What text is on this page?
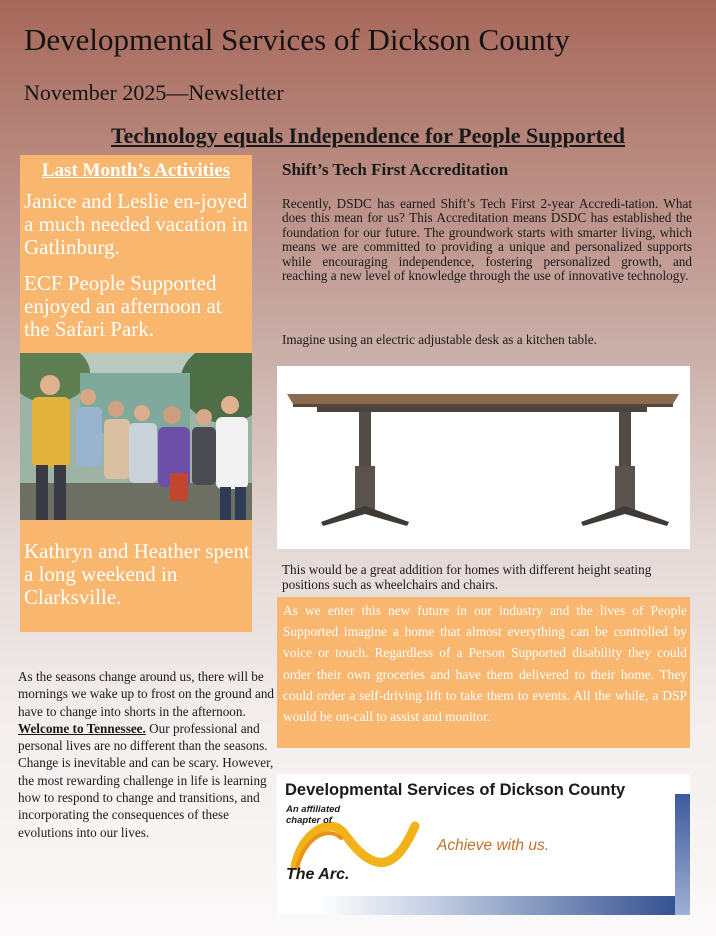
Developmental Services of Dickson County
November 2025—Newsletter
Technology equals Independence for People Supported
Last Month’s Activities
Janice and Leslie en-joyed a much needed vacation in Gatlinburg.
ECF People Supported enjoyed an afternoon at the Safari Park.
Kathryn and Heather spent a long weekend in Clarksville.
Shift’s Tech First Accreditation
Recently, DSDC has earned Shift’s Tech First 2-year Accredi-tation. What does this mean for us? This Accreditation means DSDC has established the foundation for our future. The groundwork starts with smarter living, which means we are committed to providing a unique and personalized supports while encouraging independence, fostering personalized growth, and reaching a new level of knowledge through the use of innovative technology.
Imagine using an electric adjustable desk as a kitchen table.
This would be a great addition for homes with different height seating positions such as wheelchairs and chairs.
As we enter this new future in our industry and the lives of People Supported imagine a home that almost everything can be controlled by voice or touch. Regardless of a Person Supported disability they could order their own groceries and have them delivered to their home. They could order a self-driving lift to take them to events. All the while, a DSP would be on-call to assist and monitor.
As the seasons change around us, there will be mornings we wake up to frost on the ground and have to change into shorts in the afternoon. Welcome to Tennessee. Our professional and personal lives are no different than the seasons. Change is inevitable and can be scary. However, the most rewarding challenge in life is learning how to respond to change and transitions, and incorporating the consequences of these evolutions into our lives.
Developmental Services of Dickson County
An affiliated chapter of
Achieve with us.
The Arc.
